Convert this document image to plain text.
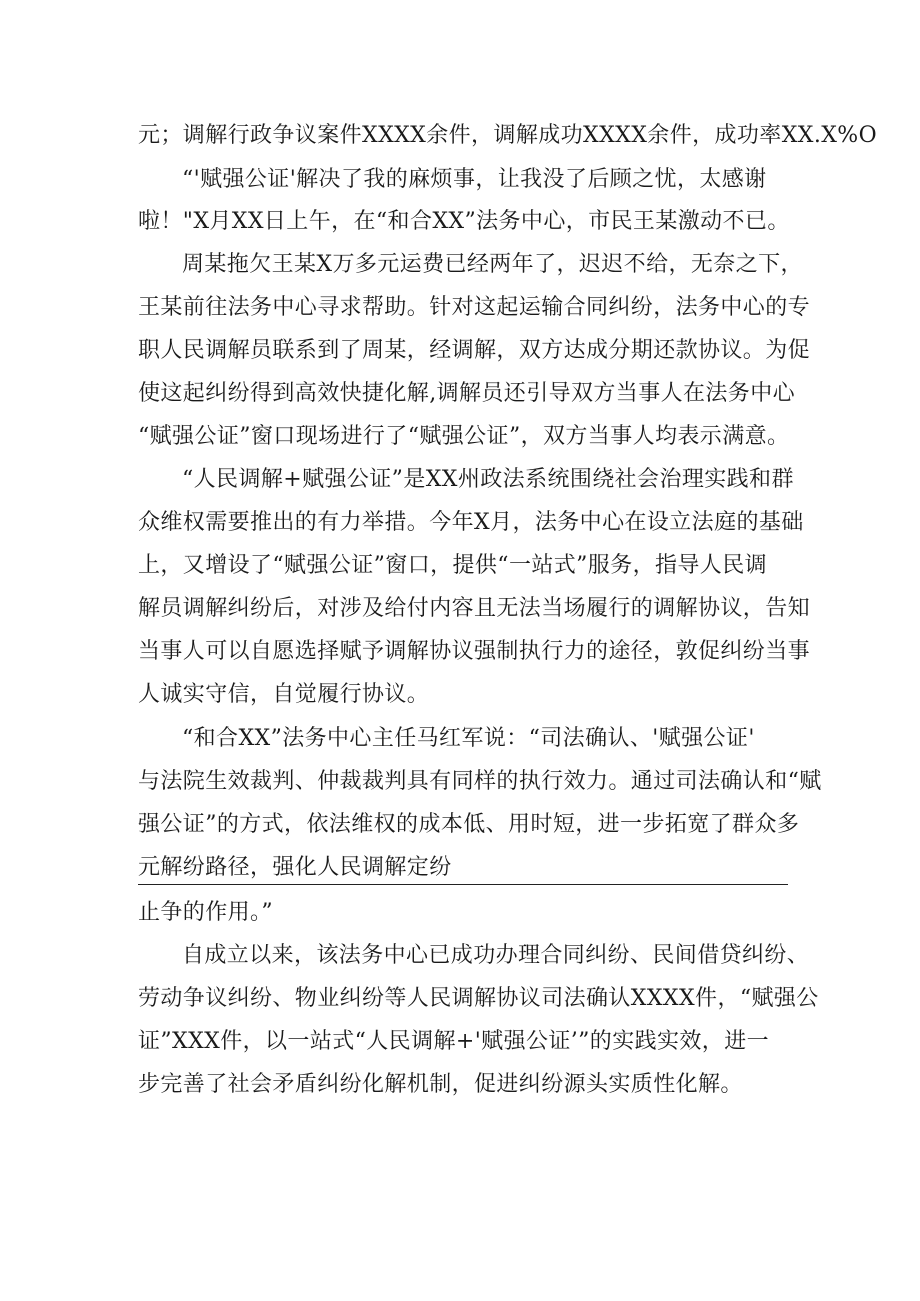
元；调解行政争议案件XXXX余件，调解成功XXXX余件，成功率XX.X%O
“'赋强公证'解决了我的麻烦事，让我没了后顾之忧，太感谢
啦！"X月XX日上午，在“和合XX”法务中心，市民王某激动不已。
周某拖欠王某X万多元运费已经两年了，迟迟不给，无奈之下，
王某前往法务中心寻求帮助。针对这起运输合同纠纷，法务中心的专
职人民调解员联系到了周某，经调解，双方达成分期还款协议。为促
使这起纠纷得到高效快捷化解,调解员还引导双方当事人在法务中心
“赋强公证”窗口现场进行了“赋强公证”，双方当事人均表示满意。
“人民调解+赋强公证”是XX州政法系统围绕社会治理实践和群
众维权需要推出的有力举措。今年X月，法务中心在设立法庭的基础
上，又增设了“赋强公证”窗口，提供“一站式”服务，指导人民调
解员调解纠纷后，对涉及给付内容且无法当场履行的调解协议，告知
当事人可以自愿选择赋予调解协议强制执行力的途径，敦促纠纷当事
人诚实守信，自觉履行协议。
“和合XX”法务中心主任马红军说：“司法确认、'赋强公证'
与法院生效裁判、仲裁裁判具有同样的执行效力。通过司法确认和“赋
强公证”的方式，依法维权的成本低、用时短，进一步拓宽了群众多
元解纷路径，强化人民调解定纷
止争的作用。”
自成立以来，该法务中心已成功办理合同纠纷、民间借贷纠纷、
劳动争议纠纷、物业纠纷等人民调解协议司法确认XXXX件，“赋强公
证”XXX件，以一站式“人民调解+'赋强公证’”的实践实效，进一
步完善了社会矛盾纠纷化解机制，促进纠纷源头实质性化解。
